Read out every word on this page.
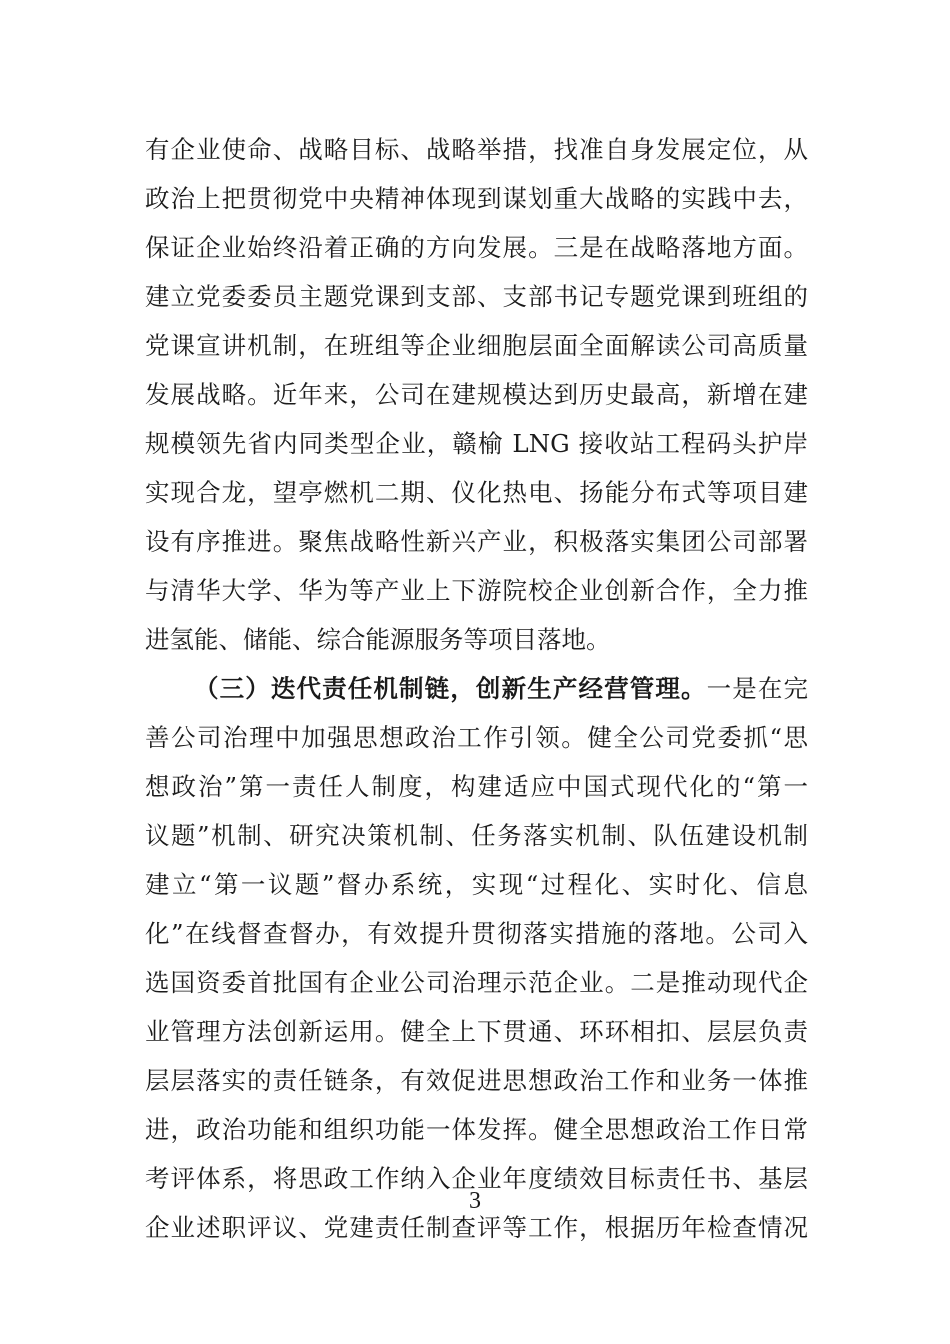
有企业使命、战略目标、战略举措，找准自身发展定位，从
政治上把贯彻党中央精神体现到谋划重大战略的实践中去，
保证企业始终沿着正确的方向发展。三是在战略落地方面。
建立党委委员主题党课到支部、支部书记专题党课到班组的
党课宣讲机制，在班组等企业细胞层面全面解读公司高质量
发展战略。近年来，公司在建规模达到历史最高，新增在建
规模领先省内同类型企业，赣榆 LNG 接收站工程码头护岸
实现合龙，望亭燃机二期、仪化热电、扬能分布式等项目建
设有序推进。聚焦战略性新兴产业，积极落实集团公司部署
与清华大学、华为等产业上下游院校企业创新合作，全力推
进氢能、储能、综合能源服务等项目落地。
（三）迭代责任机制链，创新生产经营管理。一是在完
善公司治理中加强思想政治工作引领。健全公司党委抓“思
想政治”第一责任人制度，构建适应中国式现代化的“第一
议题”机制、研究决策机制、任务落实机制、队伍建设机制
建立“第一议题”督办系统，实现“过程化、实时化、信息
化”在线督查督办，有效提升贯彻落实措施的落地。公司入
选国资委首批国有企业公司治理示范企业。二是推动现代企
业管理方法创新运用。健全上下贯通、环环相扣、层层负责
层层落实的责任链条，有效促进思想政治工作和业务一体推
进，政治功能和组织功能一体发挥。健全思想政治工作日常
考评体系，将思政工作纳入企业年度绩效目标责任书、基层
企业述职评议、党建责任制查评等工作，根据历年检查情况
3
